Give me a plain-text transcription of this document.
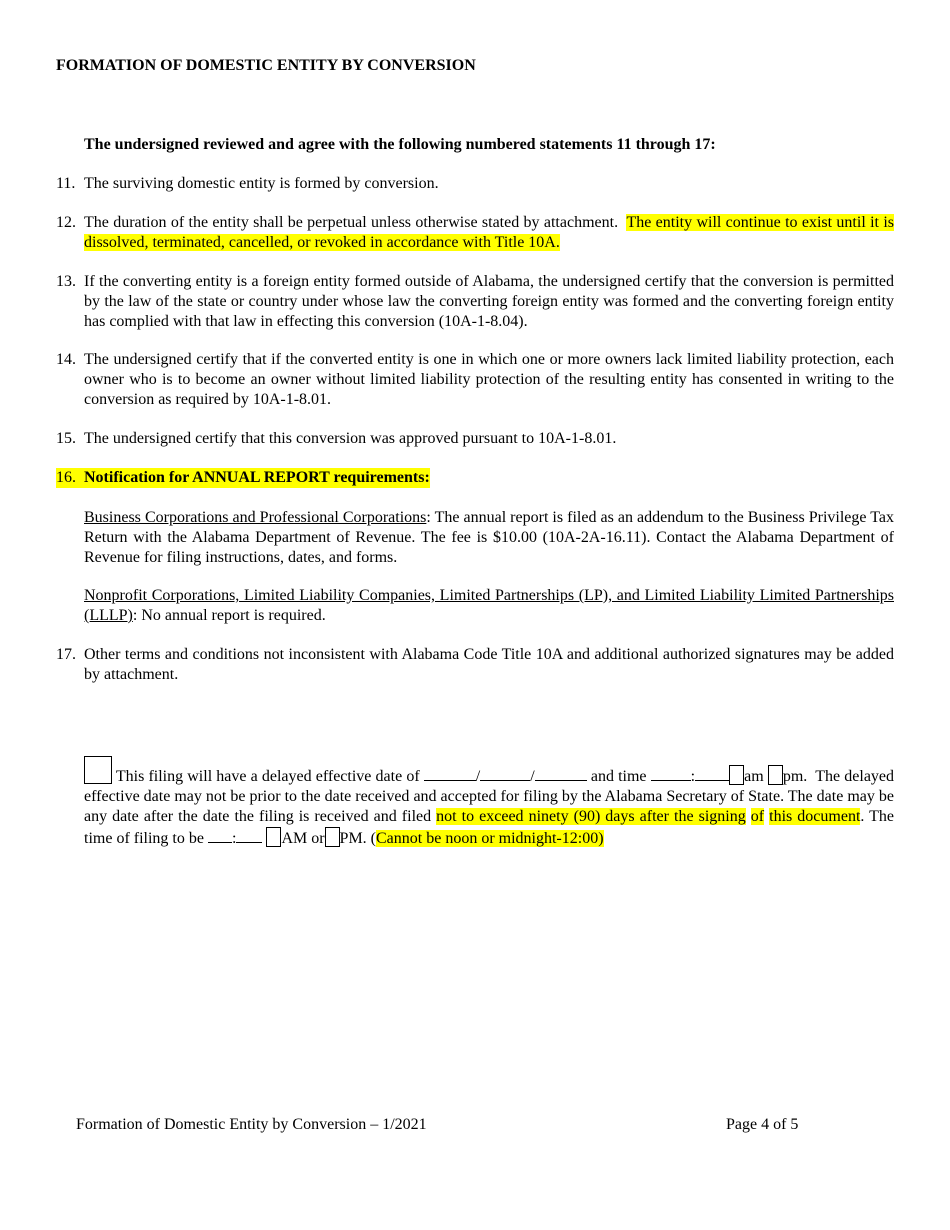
FORMATION OF DOMESTIC ENTITY BY CONVERSION
The undersigned reviewed and agree with the following numbered statements 11 through 17:
11. The surviving domestic entity is formed by conversion.
12. The duration of the entity shall be perpetual unless otherwise stated by attachment. The entity will continue to exist until it is dissolved, terminated, cancelled, or revoked in accordance with Title 10A.
13. If the converting entity is a foreign entity formed outside of Alabama, the undersigned certify that the conversion is permitted by the law of the state or country under whose law the converting foreign entity was formed and the converting foreign entity has complied with that law in effecting this conversion (10A-1-8.04).
14. The undersigned certify that if the converted entity is one in which one or more owners lack limited liability protection, each owner who is to become an owner without limited liability protection of the resulting entity has consented in writing to the conversion as required by 10A-1-8.01.
15. The undersigned certify that this conversion was approved pursuant to 10A-1-8.01.
16. Notification for ANNUAL REPORT requirements:
Business Corporations and Professional Corporations: The annual report is filed as an addendum to the Business Privilege Tax Return with the Alabama Department of Revenue. The fee is $10.00 (10A-2A-16.11). Contact the Alabama Department of Revenue for filing instructions, dates, and forms.
Nonprofit Corporations, Limited Liability Companies, Limited Partnerships (LP), and Limited Liability Limited Partnerships (LLLP): No annual report is required.
17. Other terms and conditions not inconsistent with Alabama Code Title 10A and additional authorized signatures may be added by attachment.
This filing will have a delayed effective date of	/	/	and time	:	am pm. The delayed effective date may not be prior to the date received and accepted for filing by the Alabama Secretary of State. The date may be any date after the date the filing is received and filed not to exceed ninety (90) days after the signing of this document. The time of filing to be :	AM or PM. (Cannot be noon or midnight-12:00)
Formation of Domestic Entity by Conversion – 1/2021	Page 4 of 5
